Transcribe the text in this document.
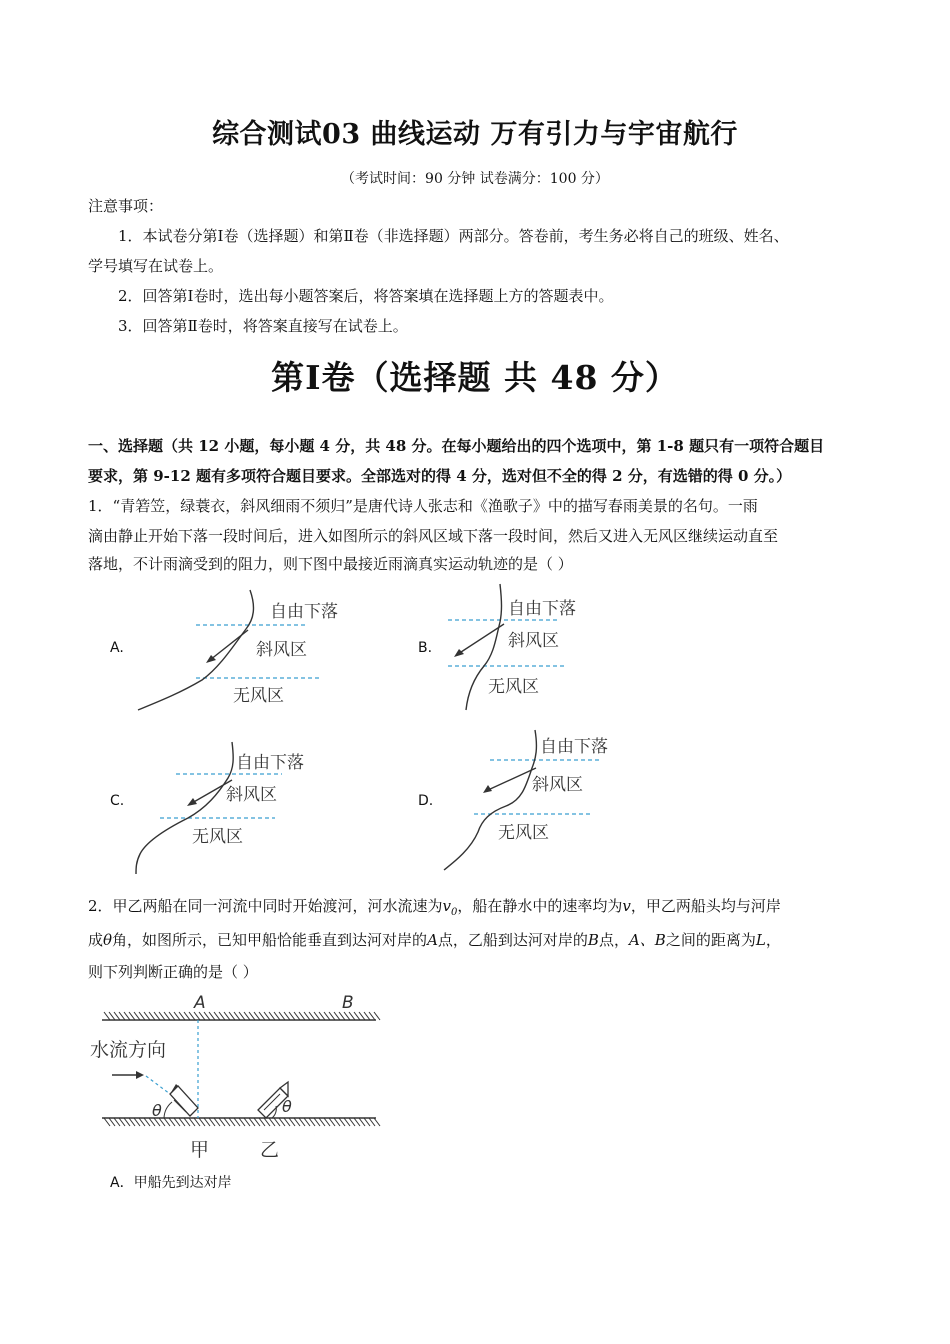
综合测试03 曲线运动 万有引力与宇宙航行
（考试时间：90 分钟 试卷满分：100 分）
注意事项：
1．本试卷分第Ⅰ卷（选择题）和第Ⅱ卷（非选择题）两部分。答卷前，考生务必将自己的班级、姓名、
学号填写在试卷上。
2．回答第Ⅰ卷时，选出每小题答案后，将答案填在选择题上方的答题表中。
3．回答第Ⅱ卷时，将答案直接写在试卷上。
第Ⅰ卷（选择题 共 48 分）
一、选择题（共 12 小题，每小题 4 分，共 48 分。在每小题给出的四个选项中，第 1-8 题只有一项符合题目
要求，第 9-12 题有多项符合题目要求。全部选对的得 4 分，选对但不全的得 2 分，有选错的得 0 分。）
1．“青箬笠，绿蓑衣，斜风细雨不须归”是唐代诗人张志和《渔歌子》中的描写春雨美景的名句。一雨
滴由静止开始下落一段时间后，进入如图所示的斜风区域下落一段时间，然后又进入无风区继续运动直至
落地，不计雨滴受到的阻力，则下图中最接近雨滴真实运动轨迹的是（ ）
A.	B.
C.	D.
自由下落
斜风区
无风区
自由下落
斜风区
无风区
自由下落
斜风区
无风区
自由下落
斜风区
无风区
2．甲乙两船在同一河流中同时开始渡河，河水流速为$v_0$，船在静水中的速率均为v，甲乙两船头均与河岸
成θ角，如图所示，已知甲船恰能垂直到达河对岸的A点，乙船到达河对岸的B点，A、B之间的距离为L，
则下列判断正确的是（ ）
A	B
水流方向
θ	θ
甲	乙
A．甲船先到达对岸
